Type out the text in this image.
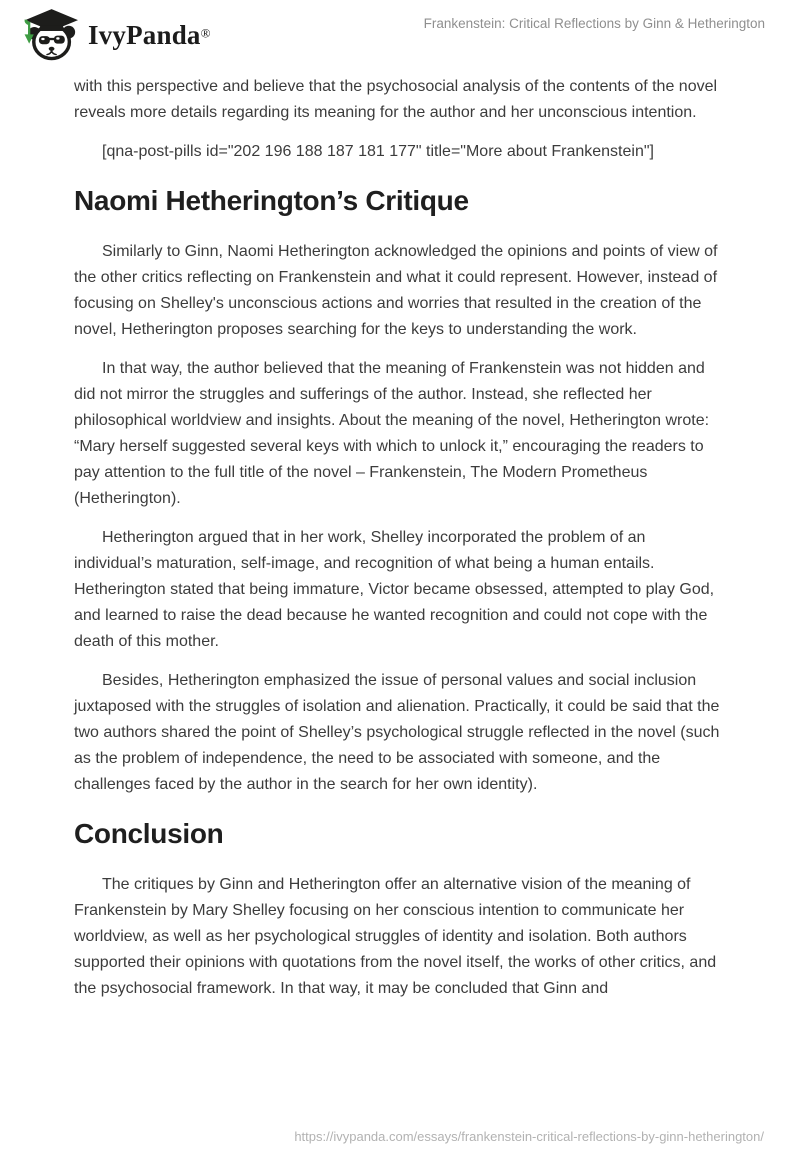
IvyPanda®
Frankenstein: Critical Reflections by Ginn & Hetherington

with this perspective and believe that the psychosocial analysis of the contents of the novel reveals more details regarding its meaning for the author and her unconscious intention.

[qna-post-pills id="202 196 188 187 181 177" title="More about Frankenstein"]

Naomi Hetherington’s Critique

Similarly to Ginn, Naomi Hetherington acknowledged the opinions and points of view of the other critics reflecting on Frankenstein and what it could represent. However, instead of focusing on Shelley's unconscious actions and worries that resulted in the creation of the novel, Hetherington proposes searching for the keys to understanding the work.

In that way, the author believed that the meaning of Frankenstein was not hidden and did not mirror the struggles and sufferings of the author. Instead, she reflected her philosophical worldview and insights. About the meaning of the novel, Hetherington wrote: “Mary herself suggested several keys with which to unlock it,” encouraging the readers to pay attention to the full title of the novel – Frankenstein, The Modern Prometheus (Hetherington).

Hetherington argued that in her work, Shelley incorporated the problem of an individual’s maturation, self-image, and recognition of what being a human entails. Hetherington stated that being immature, Victor became obsessed, attempted to play God, and learned to raise the dead because he wanted recognition and could not cope with the death of this mother.

Besides, Hetherington emphasized the issue of personal values and social inclusion juxtaposed with the struggles of isolation and alienation. Practically, it could be said that the two authors shared the point of Shelley’s psychological struggle reflected in the novel (such as the problem of independence, the need to be associated with someone, and the challenges faced by the author in the search for her own identity).

Conclusion

The critiques by Ginn and Hetherington offer an alternative vision of the meaning of Frankenstein by Mary Shelley focusing on her conscious intention to communicate her worldview, as well as her psychological struggles of identity and isolation. Both authors supported their opinions with quotations from the novel itself, the works of other critics, and the psychosocial framework. In that way, it may be concluded that Ginn and

https://ivypanda.com/essays/frankenstein-critical-reflections-by-ginn-hetherington/
